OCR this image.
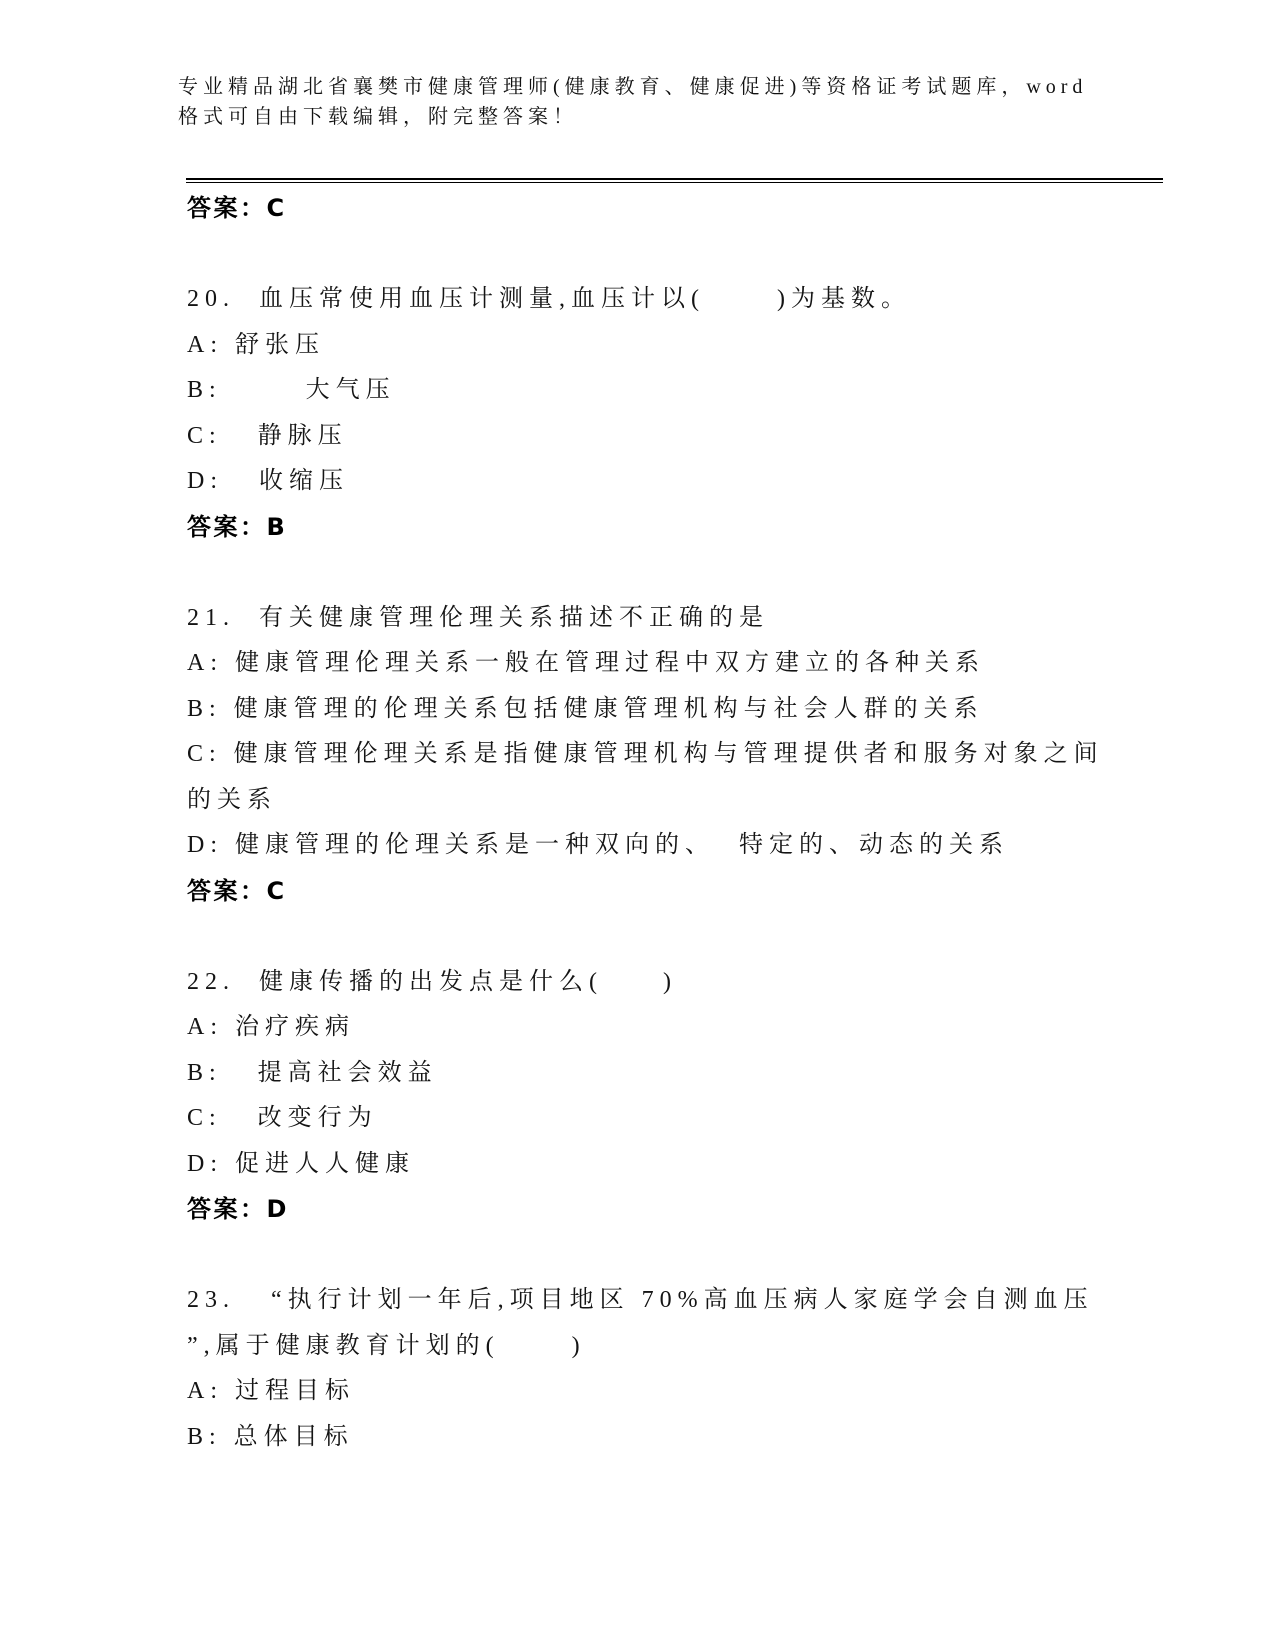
专业精品湖北省襄樊市健康管理师(健康教育、健康促进)等资格证考试题库，word

格式可自由下载编辑，附完整答案！

答案：C

20.  血压常使用血压计测量,血压计以(      )为基数。

A: 舒张压

B:       大气压

C:   静脉压

D:   收缩压

答案：B

21.  有关健康管理伦理关系描述不正确的是

A: 健康管理伦理关系一般在管理过程中双方建立的各种关系

B: 健康管理的伦理关系包括健康管理机构与社会人群的关系

C: 健康管理伦理关系是指健康管理机构与管理提供者和服务对象之间

的关系

D: 健康管理的伦理关系是一种双向的、  特定的、动态的关系

答案：C

22.  健康传播的出发点是什么(     )

A: 治疗疾病

B:   提高社会效益

C:   改变行为

D: 促进人人健康

答案：D

23.   “执行计划一年后,项目地区 70%高血压病人家庭学会自测血压

”,属于健康教育计划的(      )

A: 过程目标

B: 总体目标
